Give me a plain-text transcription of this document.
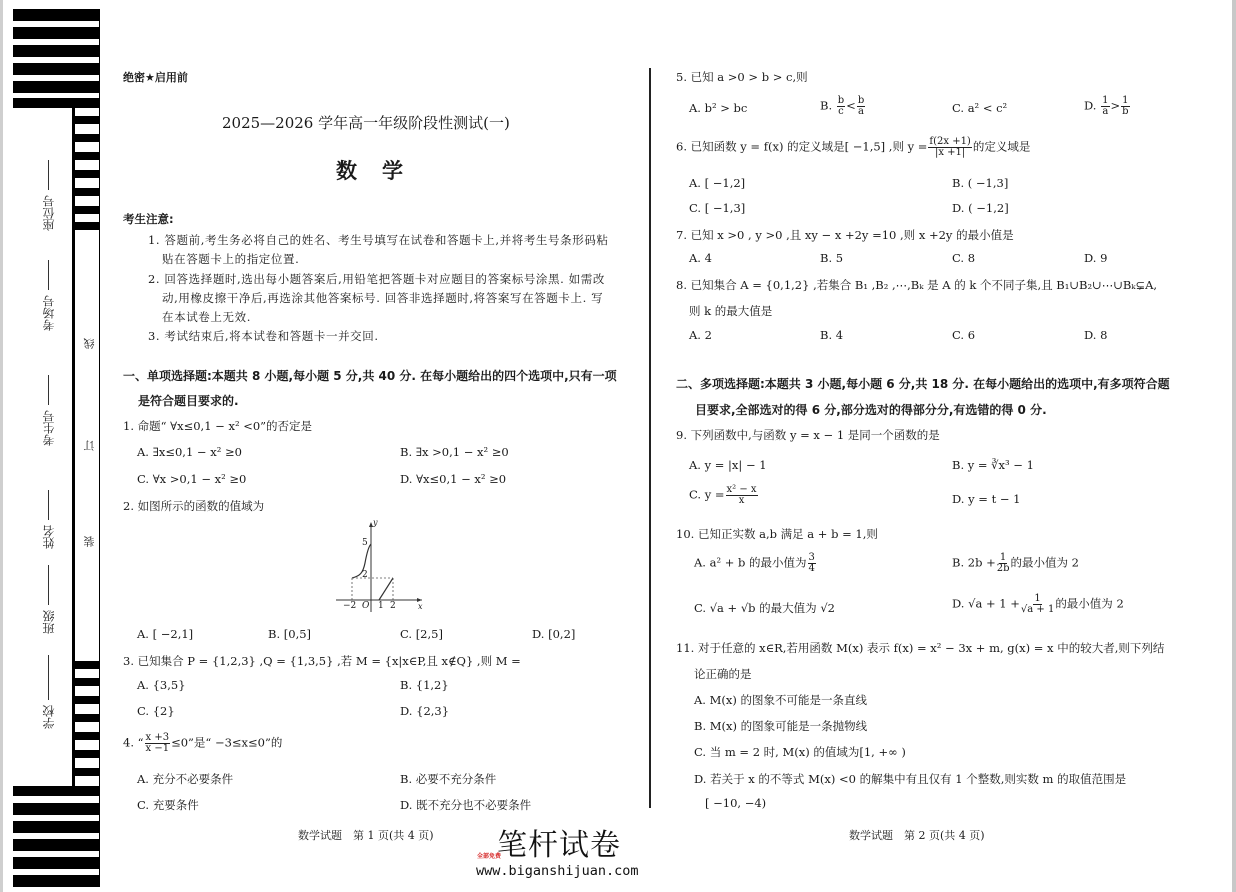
座位号
考场号
考生号
姓名
班级
学校
线
订
装
绝密★启用前
2025—2026 学年高一年级阶段性测试(一)
数　学
考生注意:
1. 答题前,考生务必将自己的姓名、考生号填写在试卷和答题卡上,并将考生号条形码粘
贴在答题卡上的指定位置.
2. 回答选择题时,选出每小题答案后,用铅笔把答题卡对应题目的答案标号涂黑. 如需改
动,用橡皮擦干净后,再选涂其他答案标号. 回答非选择题时,将答案写在答题卡上. 写
在本试卷上无效.
3. 考试结束后,将本试卷和答题卡一并交回.
一、单项选择题:本题共 8 小题,每小题 5 分,共 40 分. 在每小题给出的四个选项中,只有一项
是符合题目要求的.
1. 命题“ ∀x≤0,1 − x² <0”的否定是
A. ∃x≤0,1 − x² ≥0	B. ∃x >0,1 − x² ≥0
C. ∀x >0,1 − x² ≥0	D. ∀x≤0,1 − x² ≥0
2. 如图所示的函数的值域为
y
x
5
2
−2 O 1 2
A. [ −2,1]	B. [0,5]	C. [2,5]	D. [0,2]
3. 已知集合 P = {1,2,3} ,Q = {1,3,5} ,若 M = {x|x∈P,且 x∉Q} ,则 M =
A. {3,5}	B. {1,2}
C. {2}	D. {2,3}
4. “ $\frac{x +3}{x -1} \le 0$”是“ −3≤x≤0”的
A. 充分不必要条件	B. 必要不充分条件
C. 充要条件	D. 既不充分也不必要条件
数学试题　第 1 页(共 4 页)
5. 已知 a >0 > b > c,则
A. b² > bc	B. $\frac{b}{c} < \frac{b}{a}$	C. a² < c²	D. $\frac{1}{a} > \frac{1}{b}$
6. 已知函数 y = f(x) 的定义域是[ −1,5] ,则 $y = \frac{f(2x +1)}{|x +1|}$ 的定义域是
A. [ −1,2]	B. ( −1,3]
C. [ −1,3]	D. ( −1,2]
7. 已知 x >0 , y >0 ,且 xy − x +2y =10 ,则 x +2y 的最小值是
A. 4	B. 5	C. 8	D. 9
8. 已知集合 A = {0,1,2} ,若集合 B₁ ,B₂ ,⋯,Bₖ 是 A 的 k 个不同子集,且 B₁∪B₂∪⋯∪Bₖ⊊A,
则 k 的最大值是
A. 2	B. 4	C. 6	D. 8
二、多项选择题:本题共 3 小题,每小题 6 分,共 18 分. 在每小题给出的选项中,有多项符合题
目要求,全部选对的得 6 分,部分选对的得部分分,有选错的得 0 分.
9. 下列函数中,与函数 y = x − 1 是同一个函数的是
A. y = |x| − 1	B. y = ∛x³ − 1
C. $y = \frac{\text{x² − x}}{x}$	D. y = t − 1
10. 已知正实数 a,b 满足 a + b = 1,则
A. a² + b 的最小值为 $\frac{3}{4}$	B. $2b + \frac{1}{2b}$ 的最小值为 2
C. √a + √b 的最大值为 √2	D. $√a + 1 + \frac{1}{√a + 1}$ 的最小值为 2
11. 对于任意的 x∈R,若用函数 M(x) 表示 f(x) = x² − 3x + m, g(x) = x 中的较大者,则下列结
论正确的是
A. M(x) 的图象不可能是一条直线
B. M(x) 的图象可能是一条抛物线
C. 当 m = 2 时, M(x) 的值域为[1, +∞ )
D. 若关于 x 的不等式 M(x) <0 的解集中有且仅有 1 个整数,则实数 m 的取值范围是
[ −10, −4)
数学试题　第 2 页(共 4 页)
笔杆试卷
全部免费
www.biganshijuan.com
